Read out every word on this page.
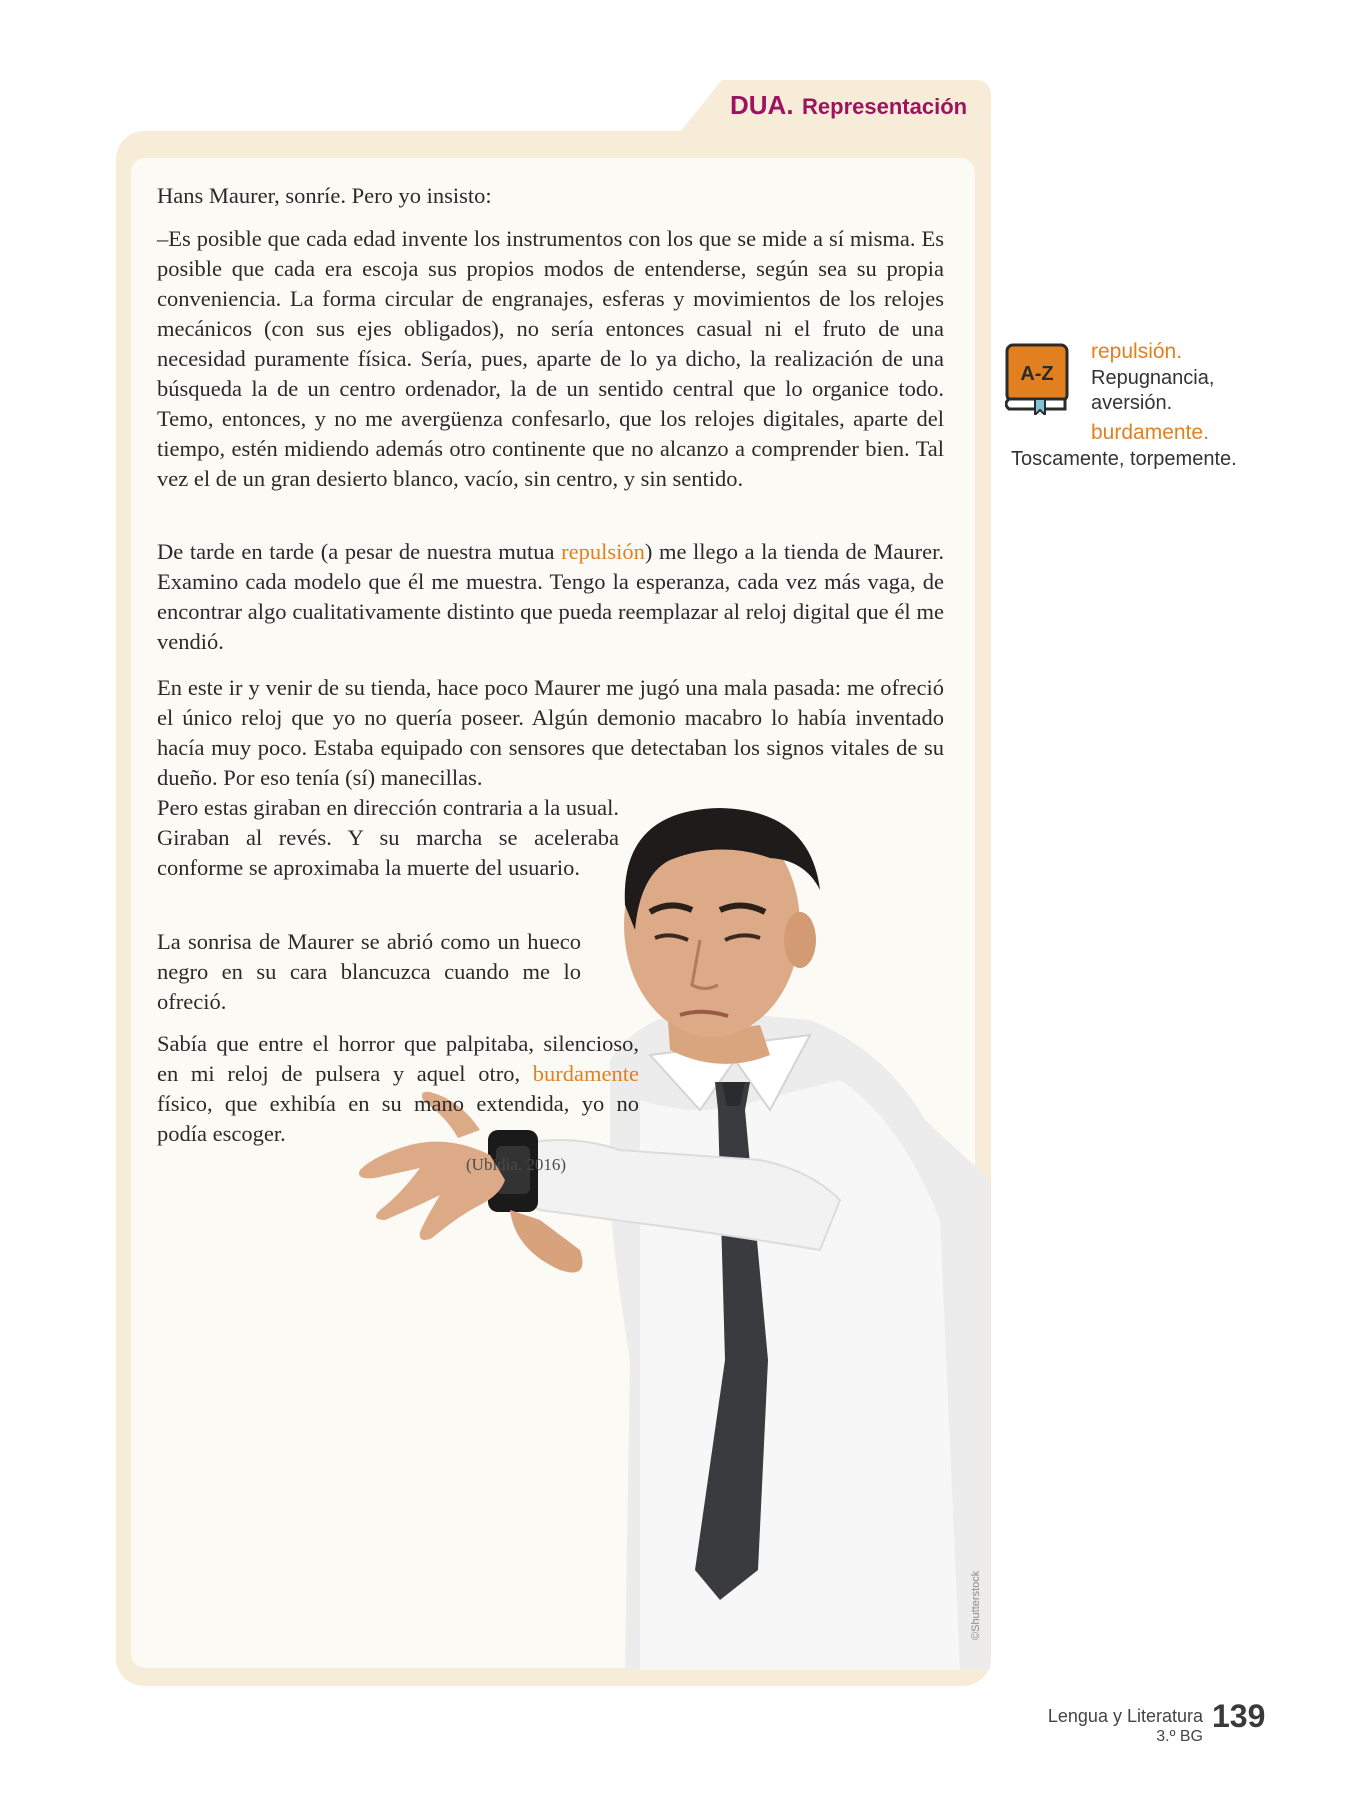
DUA. Representación

Hans Maurer, sonríe. Pero yo insisto:

–Es posible que cada edad invente los instrumentos con los que se mide a sí misma. Es posible que cada era escoja sus propios modos de entenderse, según sea su propia conveniencia. La forma circular de engranajes, esferas y movimientos de los relojes mecánicos (con sus ejes obligados), no sería entonces casual ni el fruto de una necesidad puramente física. Sería, pues, aparte de lo ya dicho, la realización de una búsqueda la de un centro ordenador, la de un sentido central que lo organice todo. Temo, entonces, y no me avergüenza confesarlo, que los relojes digitales, aparte del tiempo, estén midiendo además otro continente que no alcanzo a comprender bien. Tal vez el de un gran desierto blanco, vacío, sin centro, y sin sentido.

De tarde en tarde (a pesar de nuestra mutua repulsión) me llego a la tienda de Maurer. Examino cada modelo que él me muestra. Tengo la esperanza, cada vez más vaga, de encontrar algo cualitativamente distinto que pueda reemplazar al reloj digital que él me vendió.

En este ir y venir de su tienda, hace poco Maurer me jugó una mala pasada: me ofreció el único reloj que yo no quería poseer. Algún demonio macabro lo había inventado hacía muy poco. Estaba equipado con sensores que detectaban los signos vitales de su dueño. Por eso tenía (sí) manecillas.

Pero estas giraban en dirección contraria a la usual. Giraban al revés. Y su marcha se aceleraba conforme se aproximaba la muerte del usuario.

La sonrisa de Maurer se abrió como un hueco negro en su cara blancuzca cuando me lo ofreció.

Sabía que entre el horror que palpitaba, silencioso, en mi reloj de pulsera y aquel otro, burdamente físico, que exhibía en su mano extendida, yo no podía escoger.

(Ubidia, 2016)
©Shutterstock
A-Z
repulsión.
Repugnancia,
aversión.
burdamente.
Toscamente, torpemente.
Lengua y Literatura
3.º BG
139
